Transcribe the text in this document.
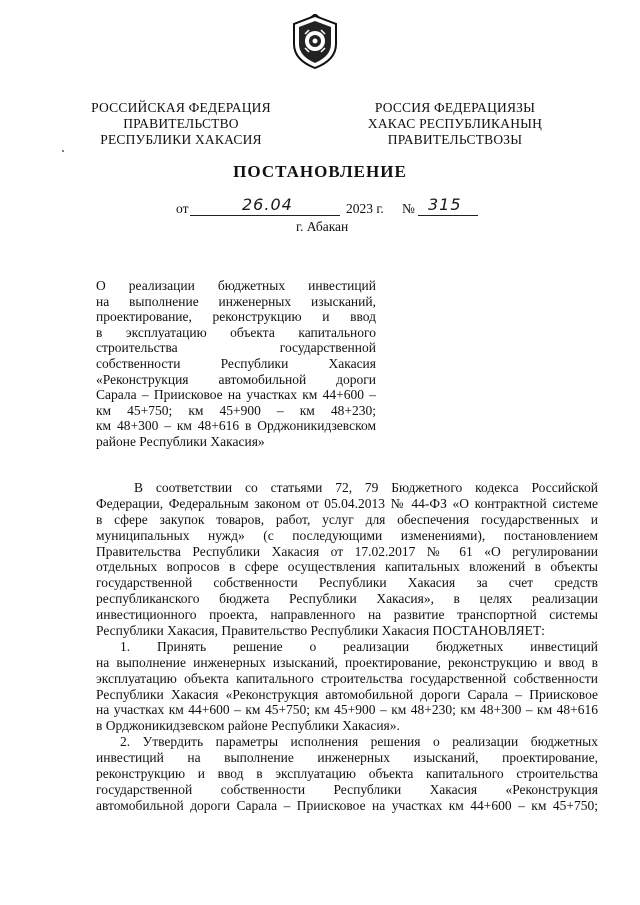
РОССИЙСКАЯ ФЕДЕРАЦИЯ
ПРАВИТЕЛЬСТВО
РЕСПУБЛИКИ ХАКАСИЯ
РОССИЯ ФЕДЕРАЦИЯЗЫ
ХАКАС РЕСПУБЛИКАНЫҢ
ПРАВИТЕЛЬСТВОЗЫ
ПОСТАНОВЛЕНИЕ
от	26.04	2023 г. № 315
г. Абакан
О реализации бюджетных инвестиций
на выполнение инженерных изысканий,
проектирование, реконструкцию и ввод
в эксплуатацию объекта капитального
строительства государственной
собственности Республики Хакасия
«Реконструкция автомобильной дороги
Сарала – Приисковое на участках км 44+600 –
км 45+750; км 45+900 – км 48+230;
км 48+300 – км 48+616 в Орджоникидзевском
районе Республики Хакасия»
В соответствии со статьями 72, 79 Бюджетного кодекса Российской
Федерации, Федеральным законом от 05.04.2013 № 44-ФЗ «О контрактной системе
в сфере закупок товаров, работ, услуг для обеспечения государственных и
муниципальных нужд» (с последующими изменениями), постановлением
Правительства Республики Хакасия от 17.02.2017 № 61 «О регулировании
отдельных вопросов в сфере осуществления капитальных вложений в объекты
государственной собственности Республики Хакасия за счет средств
республиканского бюджета Республики Хакасия», в целях реализации
инвестиционного проекта, направленного на развитие транспортной системы
Республики Хакасия, Правительство Республики Хакасия ПОСТАНОВЛЯЕТ:
1. Принять решение о реализации бюджетных инвестиций
на выполнение инженерных изысканий, проектирование, реконструкцию и ввод в
эксплуатацию объекта капитального строительства государственной собственности
Республики Хакасия «Реконструкция автомобильной дороги Сарала – Приисковое
на участках км 44+600 – км 45+750; км 45+900 – км 48+230; км 48+300 – км 48+616
в Орджоникидзевском районе Республики Хакасия».
2. Утвердить параметры исполнения решения о реализации бюджетных
инвестиций на выполнение инженерных изысканий, проектирование,
реконструкцию и ввод в эксплуатацию объекта капитального строительства
государственной собственности Республики Хакасия «Реконструкция
автомобильной дороги Сарала – Приисковое на участках км 44+600 – км 45+750;
